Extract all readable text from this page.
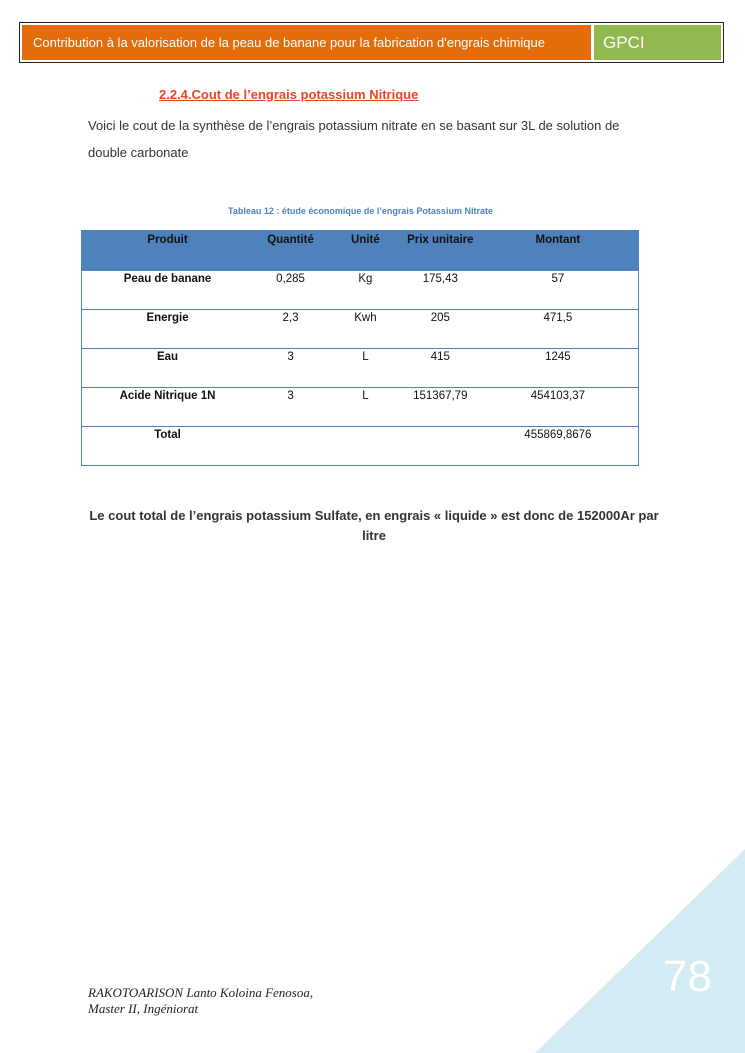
Contribution à la valorisation de la peau de banane pour la fabrication d'engrais chimique	GPCI
2.2.4.Cout de l’engrais potassium Nitrique
Voici le cout de la synthèse de l’engrais potassium nitrate en se basant sur 3L de solution de double carbonate
Tableau 12 : étude économique de l’engrais Potassium Nitrate
Produit	Quantité	Unité	Prix unitaire	Montant
Peau de banane	0,285	Kg	175,43	57
Energie	2,3	Kwh	205	471,5
Eau	3	L	415	1245
Acide Nitrique 1N	3	L	151367,79	454103,37
Total				455869,8676
Le cout total de l’engrais potassium Sulfate, en engrais « liquide » est donc de 152000Ar par litre
78
RAKOTOARISON Lanto Koloina Fenosoa,
Master II, Ingéniorat
